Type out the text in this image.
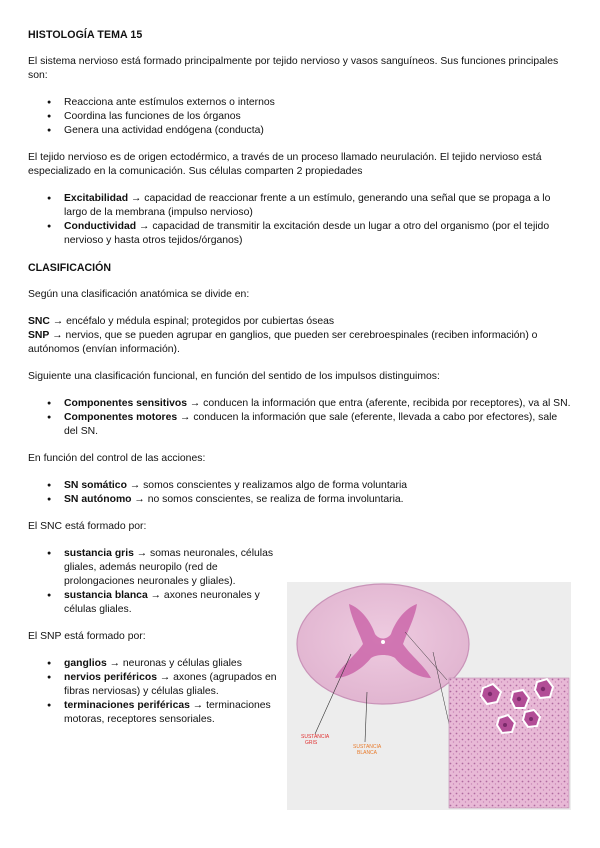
HISTOLOGÍA TEMA 15

El sistema nervioso está formado principalmente por tejido nervioso y vasos sanguíneos. Sus funciones principales son:

● Reacciona ante estímulos externos o internos
● Coordina las funciones de los órganos
● Genera una actividad endógena (conducta)

El tejido nervioso es de origen ectodérmico, a través de un proceso llamado neurulación. El tejido nervioso está especializado en la comunicación. Sus células comparten 2 propiedades

● Excitabilidad → capacidad de reaccionar frente a un estímulo, generando una señal que se propaga a lo largo de la membrana (impulso nervioso)
● Conductividad → capacidad de transmitir la excitación desde un lugar a otro del organismo (por el tejido nervioso y hasta otros tejidos/órganos)
CLASIFICACIÓN

Según una clasificación anatómica se divide en:

SNC → encéfalo y médula espinal; protegidos por cubiertas óseas
SNP → nervios, que se pueden agrupar en ganglios, que pueden ser cerebroespinales (reciben información) o autónomos (envían información).

Siguiente una clasificación funcional, en función del sentido de los impulsos distinguimos:

● Componentes sensitivos → conducen la información que entra (aferente, recibida por receptores), va al SN.
● Componentes motores → conducen la información que sale (eferente, llevada a cabo por efectores), sale del SN.

En función del control de las acciones:

● SN somático → somos conscientes y realizamos algo de forma voluntaria
● SN autónomo → no somos conscientes, se realiza de forma involuntaria.

El SNC está formado por:

● sustancia gris → somas neuronales, células gliales, además neuropilo (red de prolongaciones neuronales y gliales).
● sustancia blanca → axones neuronales y células gliales.

El SNP está formado por:

● ganglios → neuronas y células gliales
● nervios periféricos → axones (agrupados en fibras nerviosas) y células gliales.
● terminaciones periféricas → terminaciones motoras, receptores sensoriales.
SUSTANCIA
GRIS
SUSTANCIA
BLANCA
